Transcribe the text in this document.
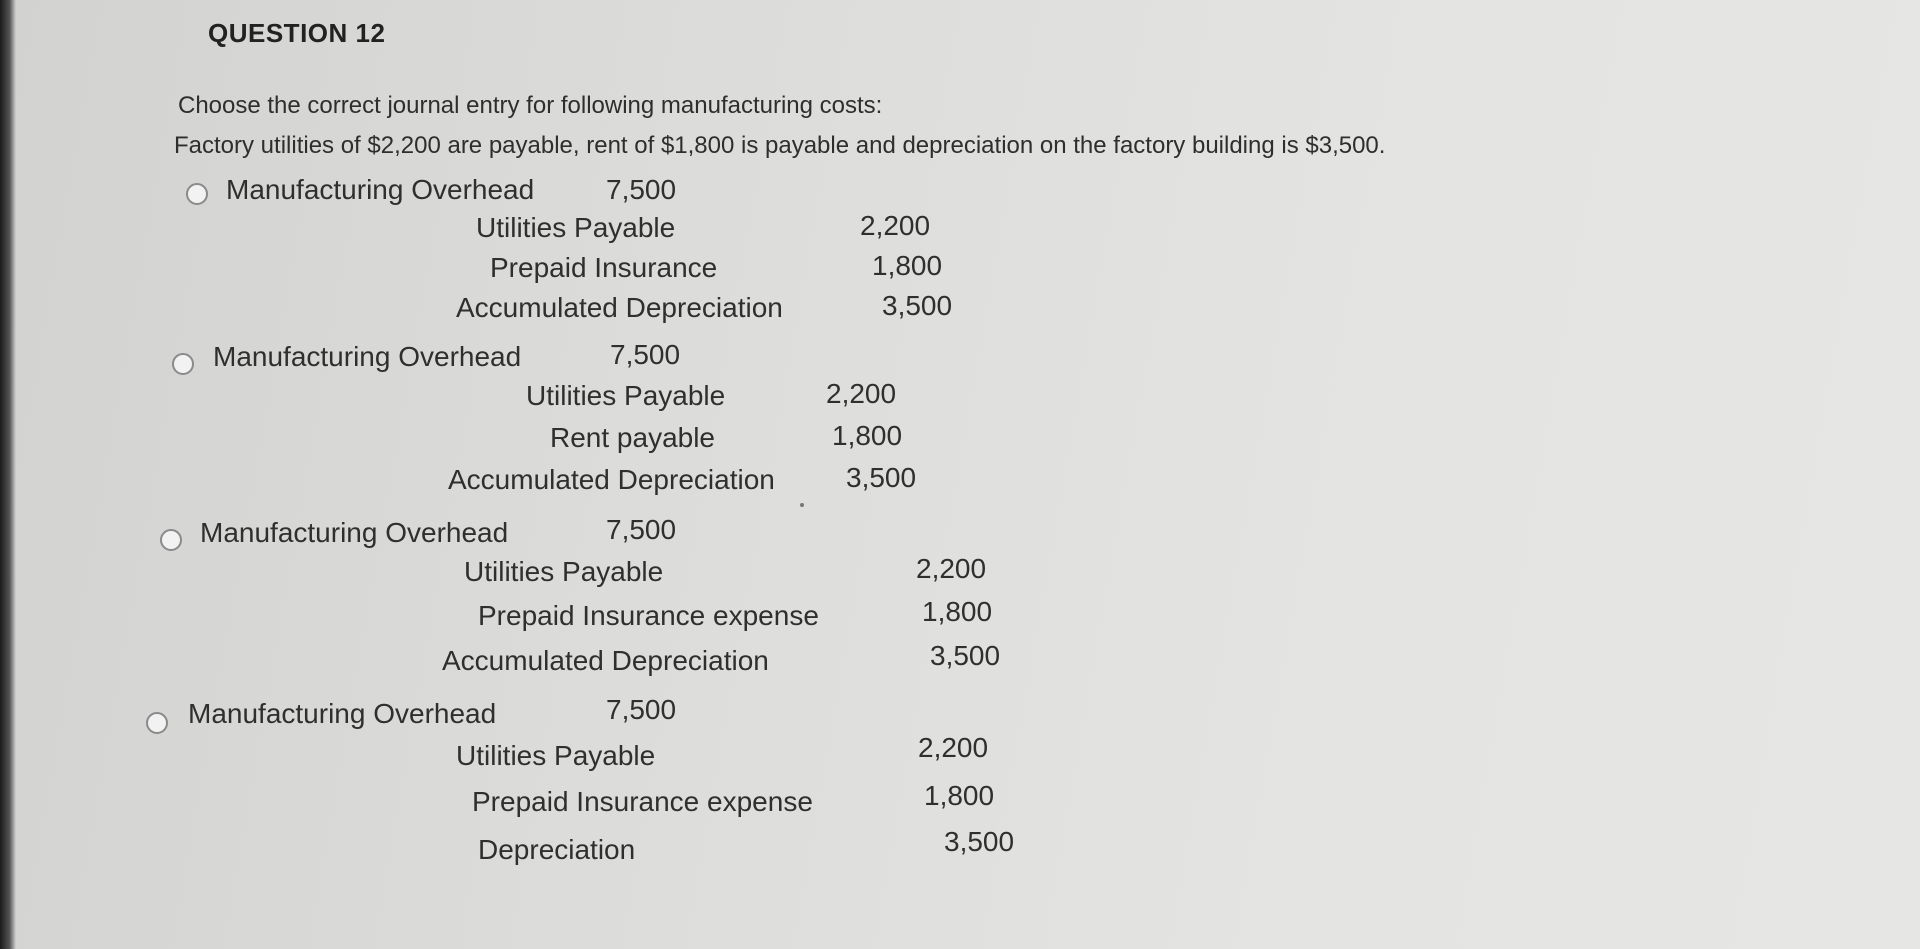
QUESTION 12
Choose the correct journal entry for following manufacturing costs:
Factory utilities of $2,200 are payable, rent of $1,800 is payable and depreciation on the factory building is $3,500.
Manufacturing Overhead	7,500
Utilities Payable	2,200
Prepaid Insurance	1,800
Accumulated Depreciation	3,500
Manufacturing Overhead	7,500
Utilities Payable	2,200
Rent payable	1,800
Accumulated Depreciation	3,500
Manufacturing Overhead	7,500
Utilities Payable	2,200
Prepaid Insurance expense	1,800
Accumulated Depreciation	3,500
Manufacturing Overhead	7,500
Utilities Payable	2,200
Prepaid Insurance expense	1,800
Depreciation	3,500
